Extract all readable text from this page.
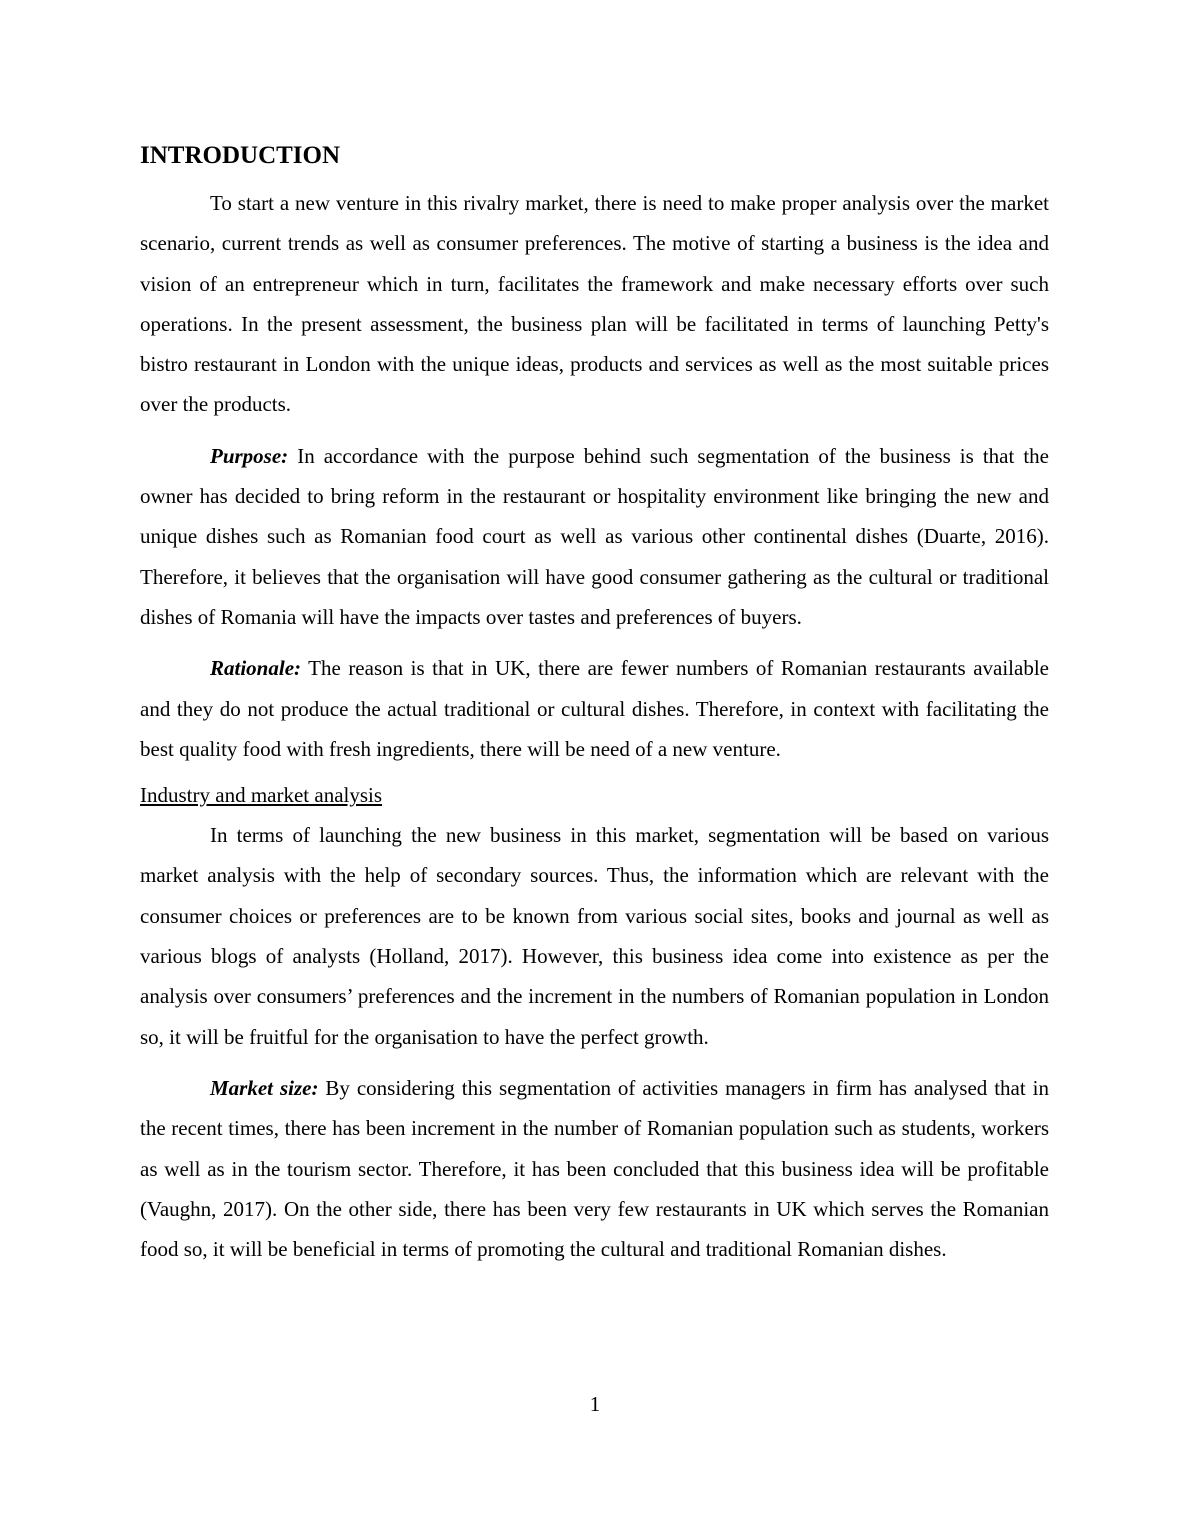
INTRODUCTION

To start a new venture in this rivalry market, there is need to make proper analysis over the market scenario, current trends as well as consumer preferences. The motive of starting a business is the idea and vision of an entrepreneur which in turn, facilitates the framework and make necessary efforts over such operations. In the present assessment, the business plan will be facilitated in terms of launching Petty's bistro restaurant in London with the unique ideas, products and services as well as the most suitable prices over the products.

Purpose: In accordance with the purpose behind such segmentation of the business is that the owner has decided to bring reform in the restaurant or hospitality environment like bringing the new and unique dishes such as Romanian food court as well as various other continental dishes (Duarte, 2016). Therefore, it believes that the organisation will have good consumer gathering as the cultural or traditional dishes of Romania will have the impacts over tastes and preferences of buyers.

Rationale: The reason is that in UK, there are fewer numbers of Romanian restaurants available and they do not produce the actual traditional or cultural dishes. Therefore, in context with facilitating the best quality food with fresh ingredients, there will be need of a new venture.

Industry and market analysis

In terms of launching the new business in this market, segmentation will be based on various market analysis with the help of secondary sources. Thus, the information which are relevant with the consumer choices or preferences are to be known from various social sites, books and journal as well as various blogs of analysts (Holland, 2017). However, this business idea come into existence as per the analysis over consumers’ preferences and the increment in the numbers of Romanian population in London so, it will be fruitful for the organisation to have the perfect growth.

Market size: By considering this segmentation of activities managers in firm has analysed that in the recent times, there has been increment in the number of Romanian population such as students, workers as well as in the tourism sector. Therefore, it has been concluded that this business idea will be profitable (Vaughn, 2017). On the other side, there has been very few restaurants in UK which serves the Romanian food so, it will be beneficial in terms of promoting the cultural and traditional Romanian dishes.

1
